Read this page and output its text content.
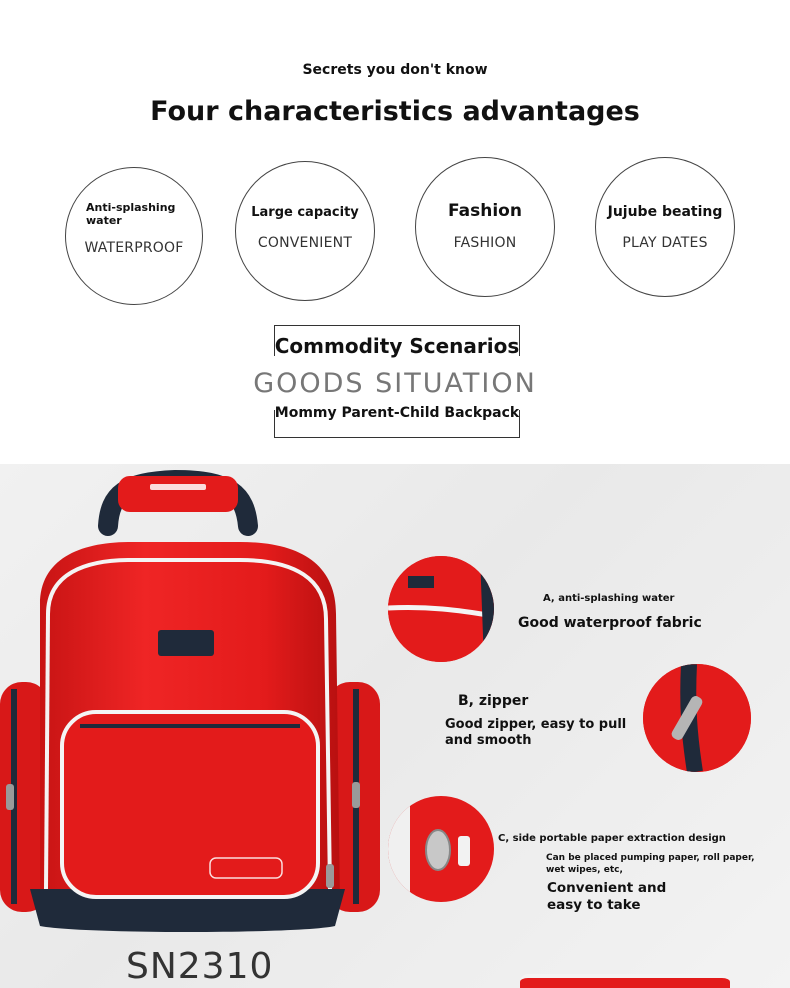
Secrets you don't know
Four characteristics advantages
Anti-splashing water
WATERPROOF
Large capacity
CONVENIENT
Fashion
FASHION
Jujube beating
PLAY DATES
Commodity Scenarios
GOODS SITUATION
Mommy Parent-Child Backpack
SN2310
A, anti-splashing water
Good waterproof fabric
B, zipper
Good zipper, easy to pull and smooth
C, side portable paper extraction design
Can be placed pumping paper, roll paper, wet wipes, etc,
Convenient and easy to take
